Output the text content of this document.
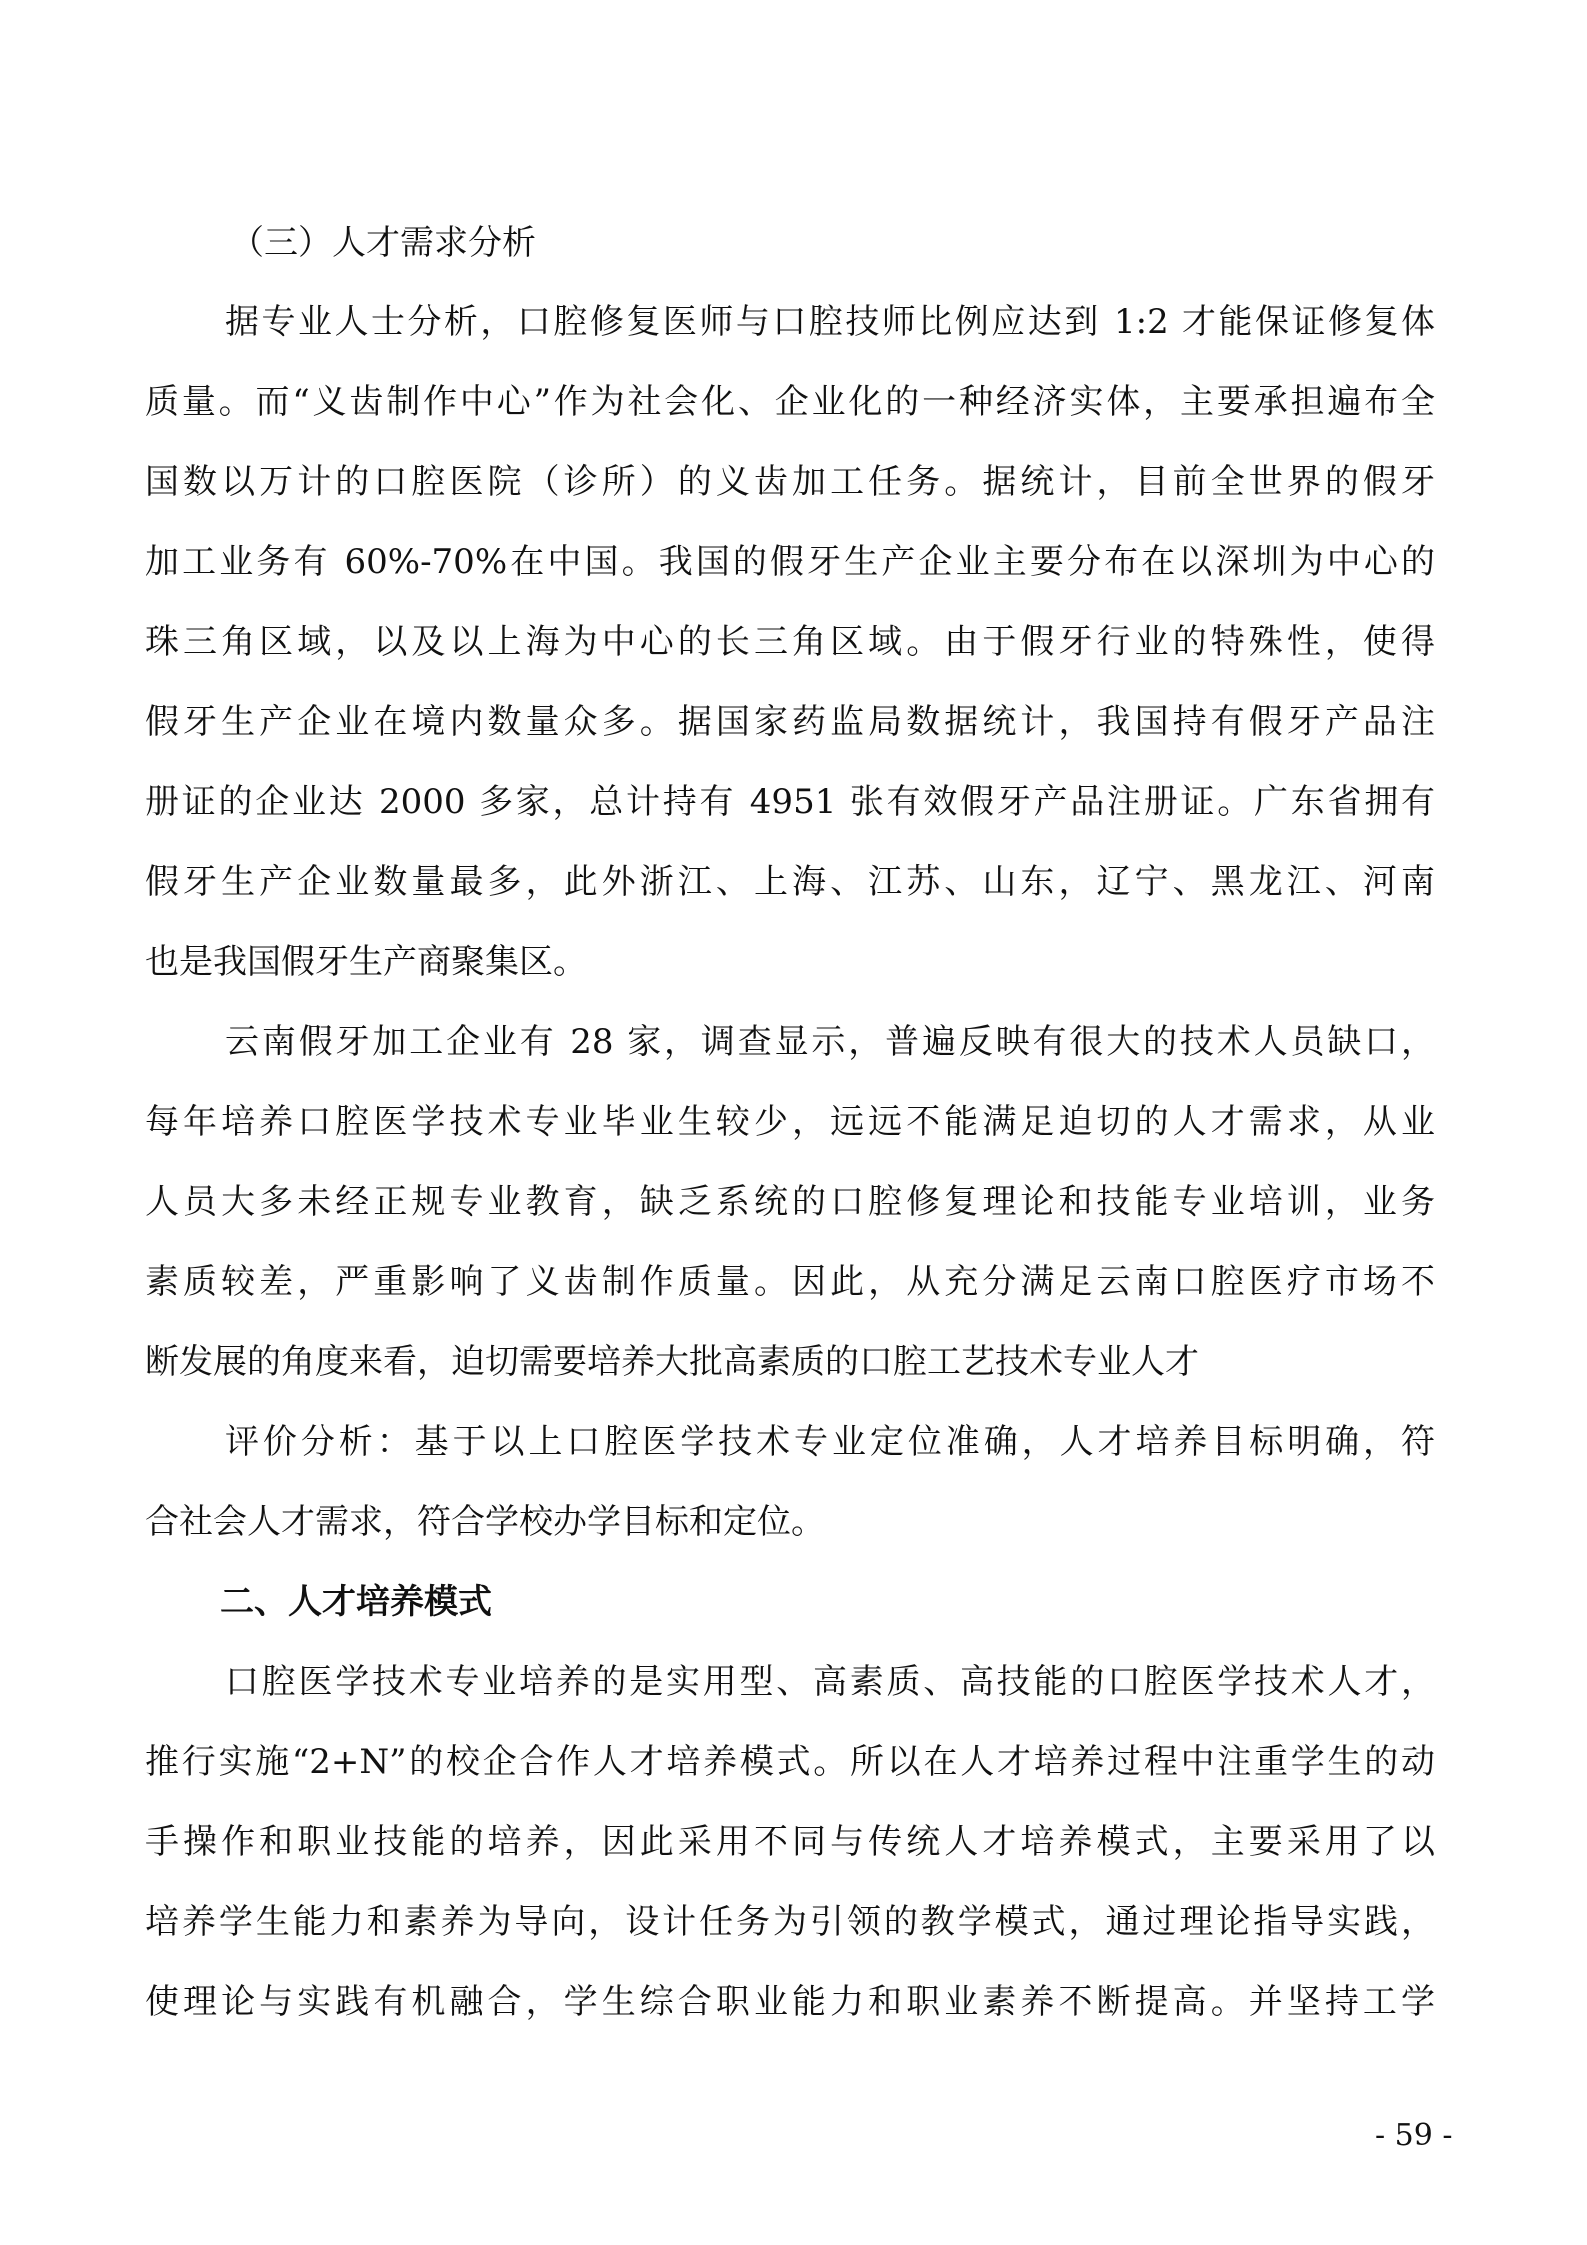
（三）人才需求分析
据专业人士分析，口腔修复医师与口腔技师比例应达到 1:2 才能保证修复体
质量。而“义齿制作中心”作为社会化、企业化的一种经济实体，主要承担遍布全
国数以万计的口腔医院（诊所）的义齿加工任务。据统计，目前全世界的假牙
加工业务有 60%-70%在中国。我国的假牙生产企业主要分布在以深圳为中心的
珠三角区域，以及以上海为中心的长三角区域。由于假牙行业的特殊性，使得
假牙生产企业在境内数量众多。据国家药监局数据统计，我国持有假牙产品注
册证的企业达 2000 多家，总计持有 4951 张有效假牙产品注册证。广东省拥有
假牙生产企业数量最多，此外浙江、上海、江苏、山东，辽宁、黑龙江、河南
也是我国假牙生产商聚集区。
云南假牙加工企业有 28 家，调查显示，普遍反映有很大的技术人员缺口，
每年培养口腔医学技术专业毕业生较少，远远不能满足迫切的人才需求，从业
人员大多未经正规专业教育，缺乏系统的口腔修复理论和技能专业培训，业务
素质较差，严重影响了义齿制作质量。因此，从充分满足云南口腔医疗市场不
断发展的角度来看，迫切需要培养大批高素质的口腔工艺技术专业人才
评价分析：基于以上口腔医学技术专业定位准确，人才培养目标明确，符
合社会人才需求，符合学校办学目标和定位。
二、人才培养模式
口腔医学技术专业培养的是实用型、高素质、高技能的口腔医学技术人才，
推行实施“2+N”的校企合作人才培养模式。所以在人才培养过程中注重学生的动
手操作和职业技能的培养，因此采用不同与传统人才培养模式，主要采用了以
培养学生能力和素养为导向，设计任务为引领的教学模式，通过理论指导实践，
使理论与实践有机融合，学生综合职业能力和职业素养不断提高。并坚持工学
- 59 -
